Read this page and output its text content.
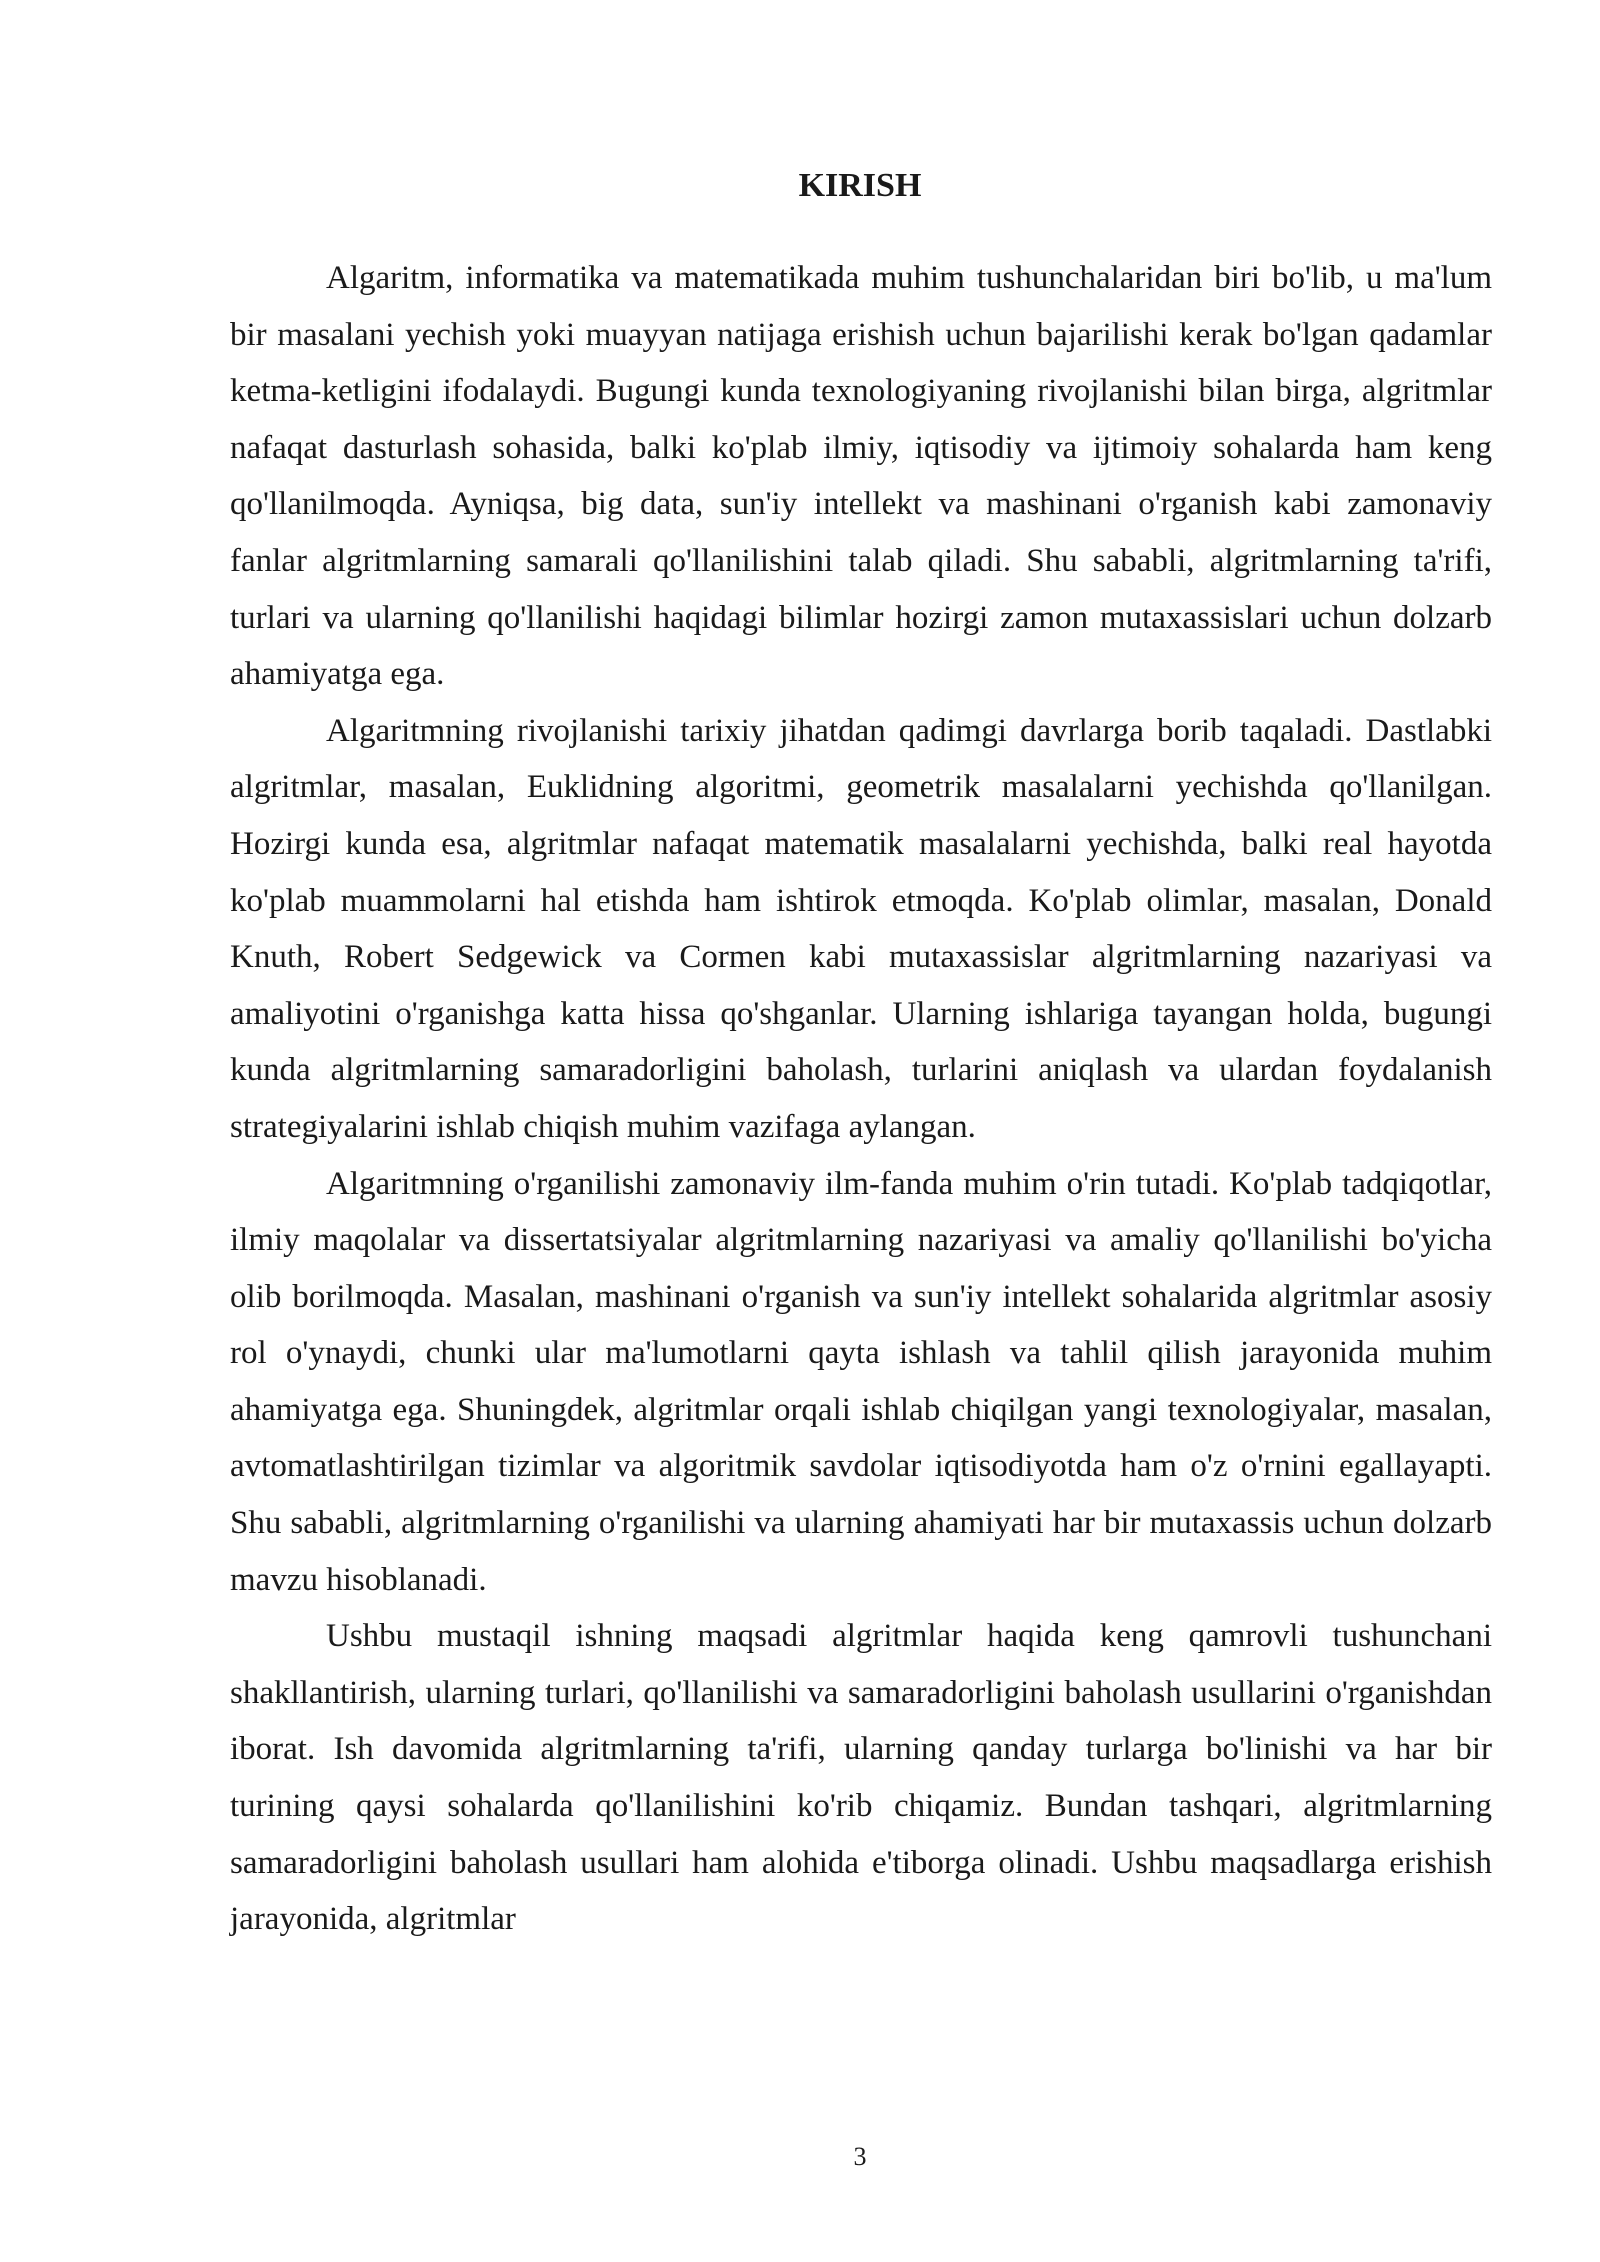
KIRISH

Algaritm, informatika va matematikada muhim tushunchalaridan biri bo'lib, u ma'lum bir masalani yechish yoki muayyan natijaga erishish uchun bajarilishi kerak bo'lgan qadamlar ketma-ketligini ifodalaydi. Bugungi kunda texnologiyaning rivojlanishi bilan birga, algritmlar nafaqat dasturlash sohasida, balki ko'plab ilmiy, iqtisodiy va ijtimoiy sohalarda ham keng qo'llanilmoqda. Ayniqsa, big data, sun'iy intellekt va mashinani o'rganish kabi zamonaviy fanlar algritmlarning samarali qo'llanilishini talab qiladi. Shu sababli, algritmlarning ta'rifi, turlari va ularning qo'llanilishi haqidagi bilimlar hozirgi zamon mutaxassislari uchun dolzarb ahamiyatga ega.

Algaritmning rivojlanishi tarixiy jihatdan qadimgi davrlarga borib taqaladi. Dastlabki algritmlar, masalan, Euklidning algoritmi, geometrik masalalarni yechishda qo'llanilgan. Hozirgi kunda esa, algritmlar nafaqat matematik masalalarni yechishda, balki real hayotda ko'plab muammolarni hal etishda ham ishtirok etmoqda. Ko'plab olimlar, masalan, Donald Knuth, Robert Sedgewick va Cormen kabi mutaxassislar algritmlarning nazariyasi va amaliyotini o'rganishga katta hissa qo'shganlar. Ularning ishlariga tayangan holda, bugungi kunda algritmlarning samaradorligini baholash, turlarini aniqlash va ulardan foydalanish strategiyalarini ishlab chiqish muhim vazifaga aylangan.

Algaritmning o'rganilishi zamonaviy ilm-fanda muhim o'rin tutadi. Ko'plab tadqiqotlar, ilmiy maqolalar va dissertatsiyalar algritmlarning nazariyasi va amaliy qo'llanilishi bo'yicha olib borilmoqda. Masalan, mashinani o'rganish va sun'iy intellekt sohalarida algritmlar asosiy rol o'ynaydi, chunki ular ma'lumotlarni qayta ishlash va tahlil qilish jarayonida muhim ahamiyatga ega. Shuningdek, algritmlar orqali ishlab chiqilgan yangi texnologiyalar, masalan, avtomatlashtirilgan tizimlar va algoritmik savdolar iqtisodiyotda ham o'z o'rnini egallayapti. Shu sababli, algritmlarning o'rganilishi va ularning ahamiyati har bir mutaxassis uchun dolzarb mavzu hisoblanadi.

Ushbu mustaqil ishning maqsadi algritmlar haqida keng qamrovli tushunchani shakllantirish, ularning turlari, qo'llanilishi va samaradorligini baholash usullarini o'rganishdan iborat. Ish davomida algritmlarning ta'rifi, ularning qanday turlarga bo'linishi va har bir turining qaysi sohalarda qo'llanilishini ko'rib chiqamiz. Bundan tashqari, algritmlarning samaradorligini baholash usullari ham alohida e'tiborga olinadi. Ushbu maqsadlarga erishish jarayonida, algritmlar

3
